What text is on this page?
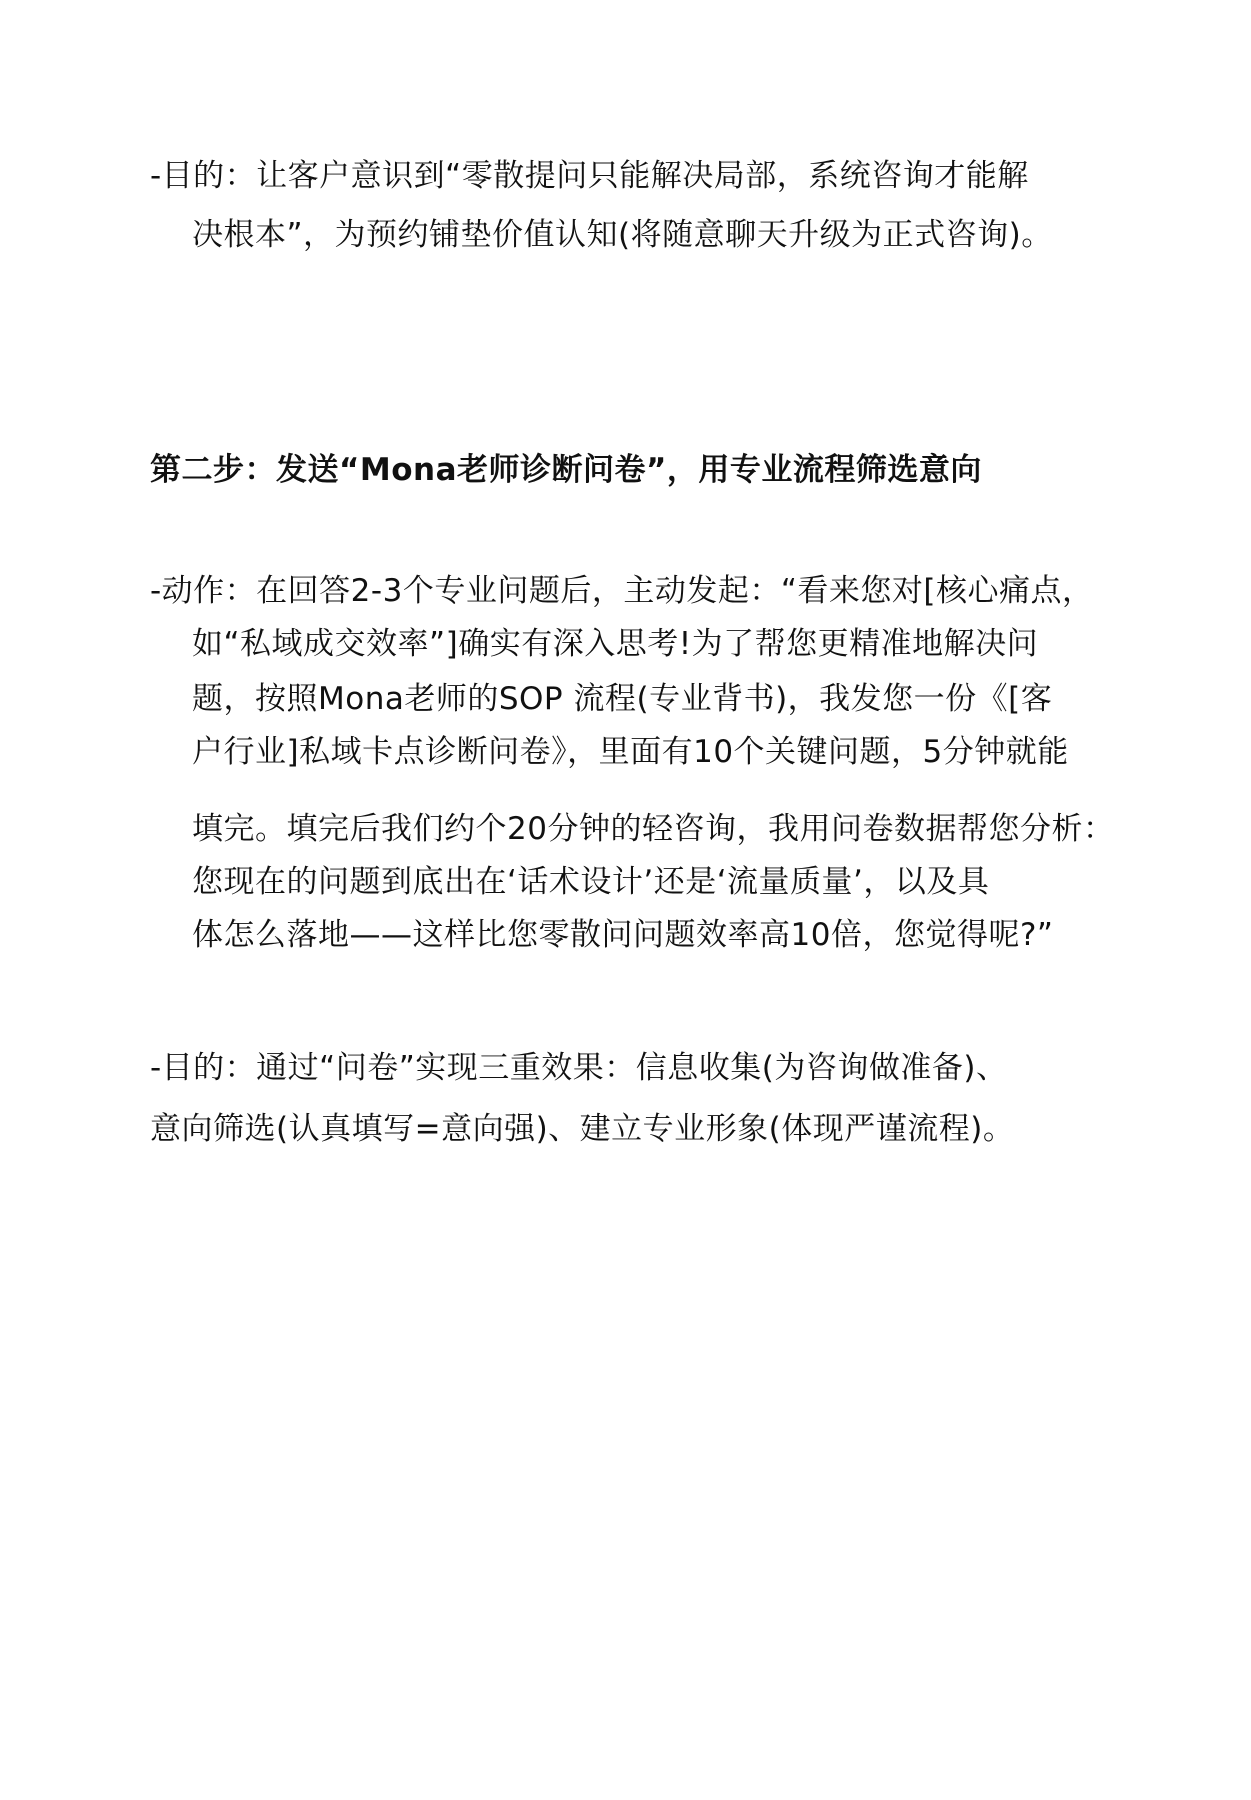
-目的：让客户意识到“零散提问只能解决局部，系统咨询才能解
决根本”，为预约铺垫价值认知(将随意聊天升级为正式咨询)。
第二步：发送“Mona老师诊断问卷”，用专业流程筛选意向
-动作：在回答2-3个专业问题后，主动发起：“看来您对[核心痛点，
如“私域成交效率”]确实有深入思考!为了帮您更精准地解决问
题，按照Mona老师的SOP 流程(专业背书)，我发您一份《[客
户行业]私域卡点诊断问卷》，里面有10个关键问题，5分钟就能
填完。填完后我们约个20分钟的轻咨询，我用问卷数据帮您分析：
您现在的问题到底出在‘话术设计’还是‘流量质量’，以及具
体怎么落地——这样比您零散问问题效率高10倍，您觉得呢?”
-目的：通过“问卷”实现三重效果：信息收集(为咨询做准备)、
意向筛选(认真填写=意向强)、建立专业形象(体现严谨流程)。
